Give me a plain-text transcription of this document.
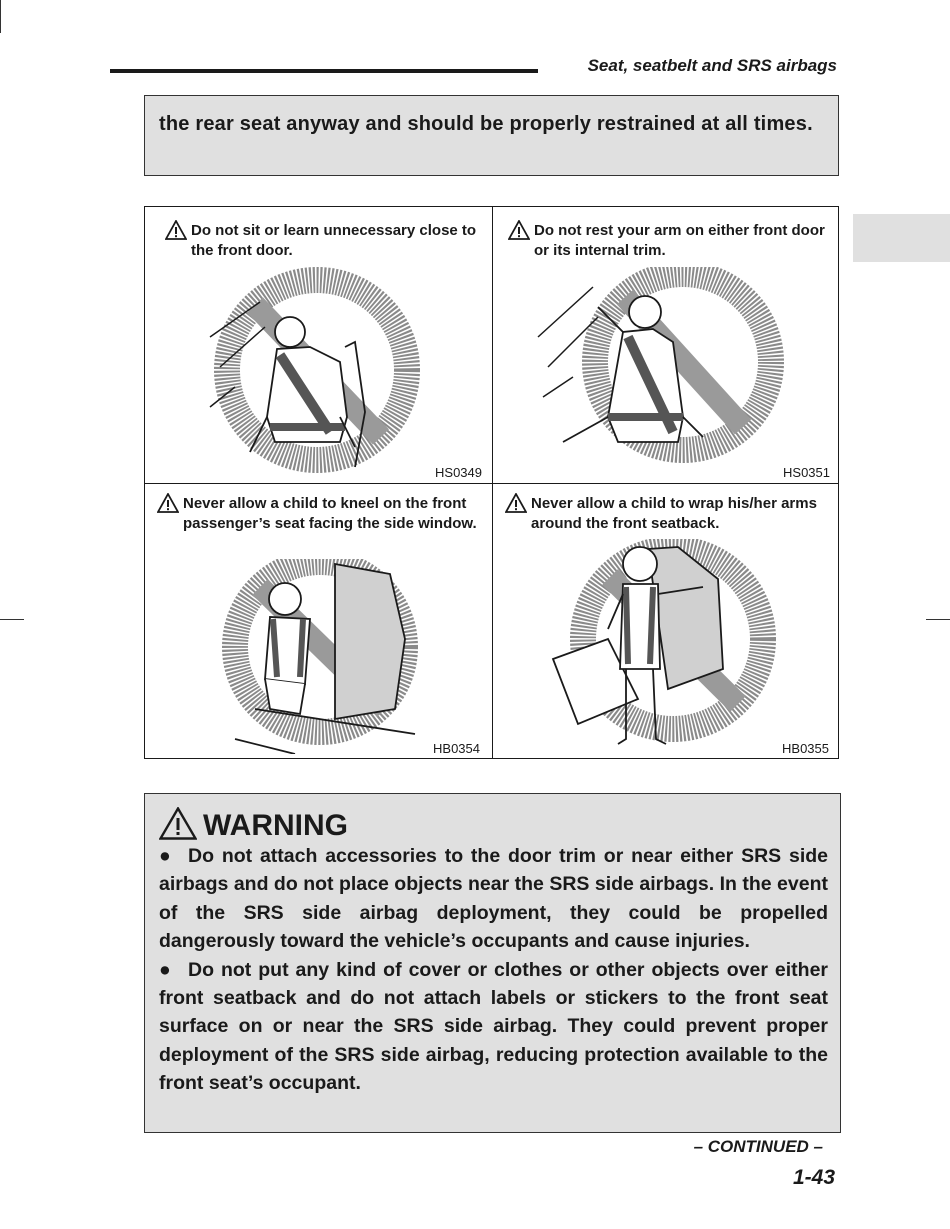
Seat, seatbelt and SRS airbags
the rear seat anyway and should be properly restrained at all times.
Do not sit or learn unnecessary close to the front door.
HS0349
Do not rest your arm on either front door or its internal trim.
HS0351
Never allow a child to kneel on the front passenger’s seat facing the side window.
HB0354
Never allow a child to wrap his/her arms around the front seatback.
HB0355
WARNING

● Do not attach accessories to the door trim or near either SRS side airbags and do not place objects near the SRS side airbags. In the event of the SRS side airbag deployment, they could be propelled dangerously toward the vehicle’s occupants and cause injuries.

● Do not put any kind of cover or clothes or other objects over either front seatback and do not attach labels or stickers to the front seat surface on or near the SRS side airbag. They could prevent proper deployment of the SRS side airbag, reducing protection available to the front seat’s occupant.

– CONTINUED –
1-43
